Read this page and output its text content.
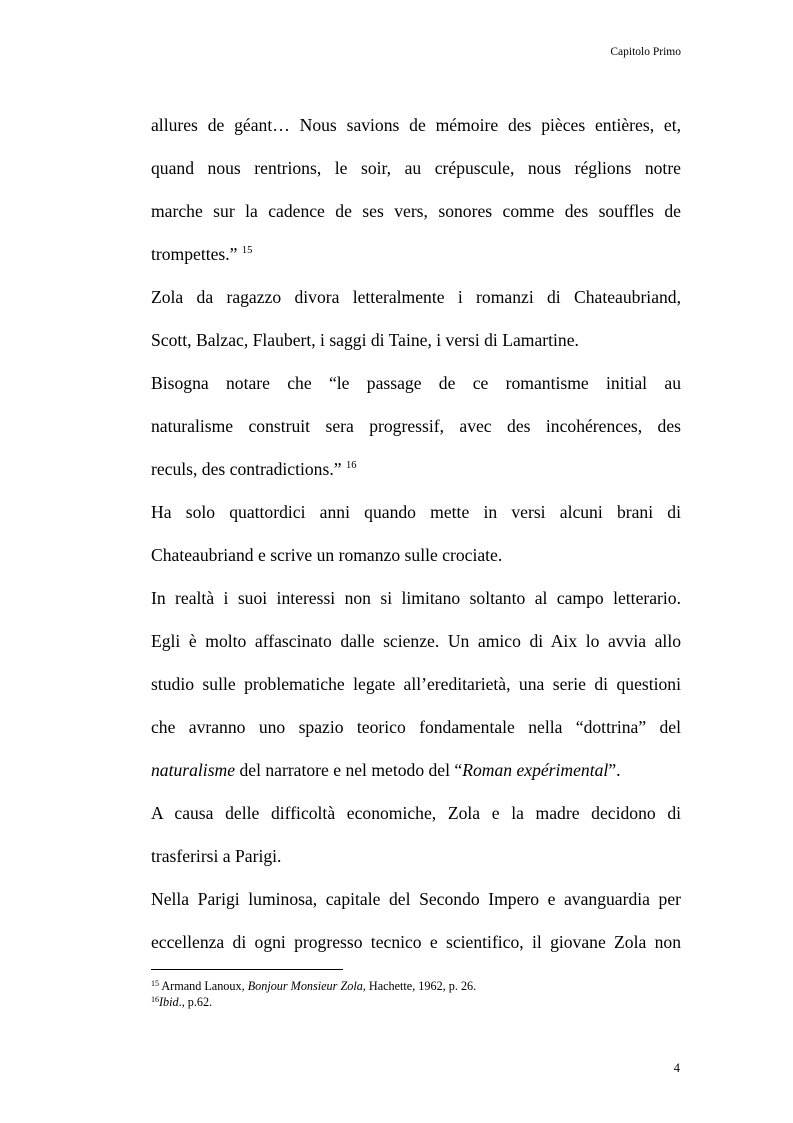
Capitolo Primo
allures de géant… Nous savions de mémoire des pièces entières, et,
quand nous rentrions, le soir, au crépuscule, nous réglions notre
marche sur la cadence de ses vers, sonores comme des souffles de
trompettes.” $^{15}$
Zola da ragazzo divora letteralmente i romanzi di Chateaubriand,
Scott, Balzac, Flaubert, i saggi di Taine, i versi di Lamartine.
Bisogna notare che “le passage de ce romantisme initial au
naturalisme construit sera progressif, avec des incohérences, des
reculs, des contradictions.” $^{16}$
Ha solo quattordici anni quando mette in versi alcuni brani di
Chateaubriand e scrive un romanzo sulle crociate.
In realtà i suoi interessi non si limitano soltanto al campo letterario.
Egli è molto affascinato dalle scienze. Un amico di Aix lo avvia allo
studio sulle problematiche legate all’ereditarietà, una serie di questioni
che avranno uno spazio teorico fondamentale nella “dottrina” del
naturalisme del narratore e nel metodo del “Roman expérimental”.
A causa delle difficoltà economiche, Zola e la madre decidono di
trasferirsi a Parigi.
Nella Parigi luminosa, capitale del Secondo Impero e avanguardia per
eccellenza di ogni progresso tecnico e scientifico, il giovane Zola non
$^{15}$ Armand Lanoux, Bonjour Monsieur Zola, Hachette, 1962, p. 26.
$^{16}$Ibid., p.62.
4
